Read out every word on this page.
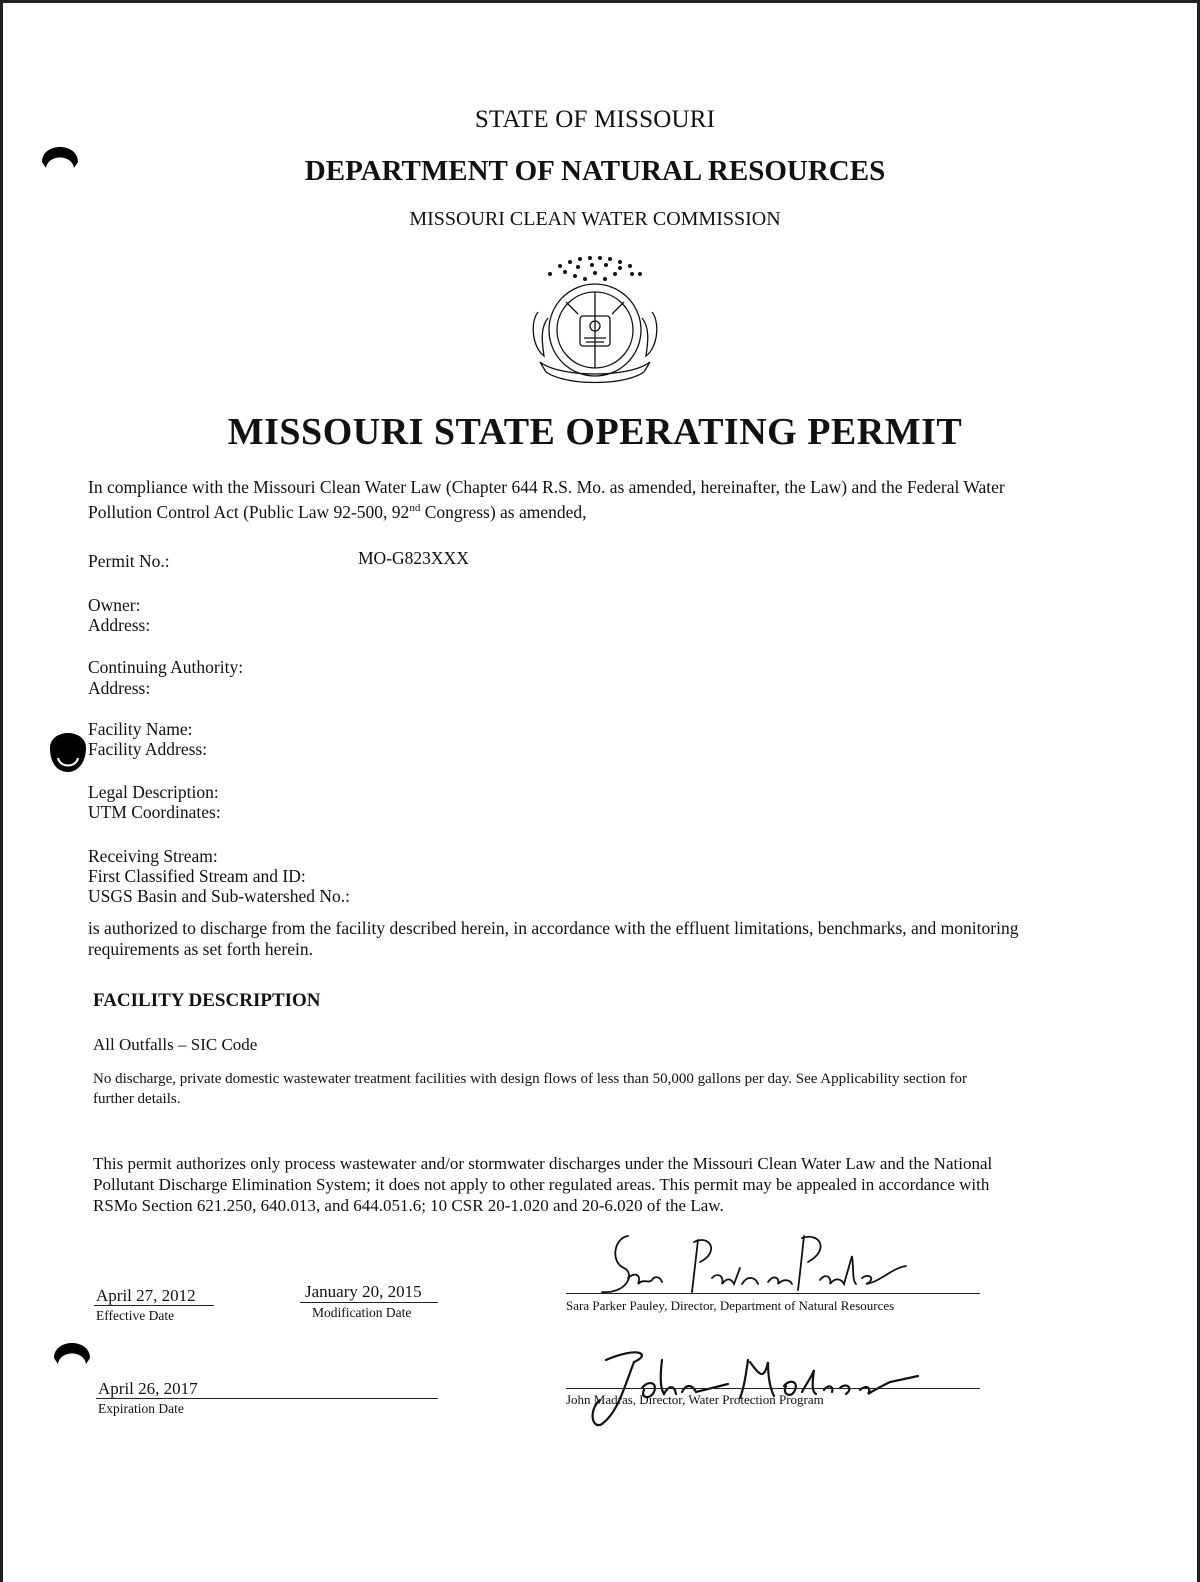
STATE OF MISSOURI
DEPARTMENT OF NATURAL RESOURCES
MISSOURI CLEAN WATER COMMISSION
MISSOURI STATE OPERATING PERMIT
In compliance with the Missouri Clean Water Law (Chapter 644 R.S. Mo. as amended, hereinafter, the Law) and the Federal Water
Pollution Control Act (Public Law 92-500, 92nd Congress) as amended,
Permit No.:	MO-G823XXX
Owner:
Address:
Continuing Authority:
Address:
Facility Name:
Facility Address:
Legal Description:
UTM Coordinates:
Receiving Stream:
First Classified Stream and ID:
USGS Basin and Sub-watershed No.:
is authorized to discharge from the facility described herein, in accordance with the effluent limitations, benchmarks, and monitoring
requirements as set forth herein.
FACILITY DESCRIPTION
All Outfalls – SIC Code
No discharge, private domestic wastewater treatment facilities with design flows of less than 50,000 gallons per day. See Applicability section for
further details.
This permit authorizes only process wastewater and/or stormwater discharges under the Missouri Clean Water Law and the National
Pollutant Discharge Elimination System; it does not apply to other regulated areas. This permit may be appealed in accordance with
RSMo Section 621.250, 640.013, and 644.051.6; 10 CSR 20-1.020 and 20-6.020 of the Law.
April 27, 2012
Effective Date
January 20, 2015
Modification Date
April 26, 2017
Expiration Date
Sara Parker Pauley, Director, Department of Natural Resources
John Madras, Director, Water Protection Program
